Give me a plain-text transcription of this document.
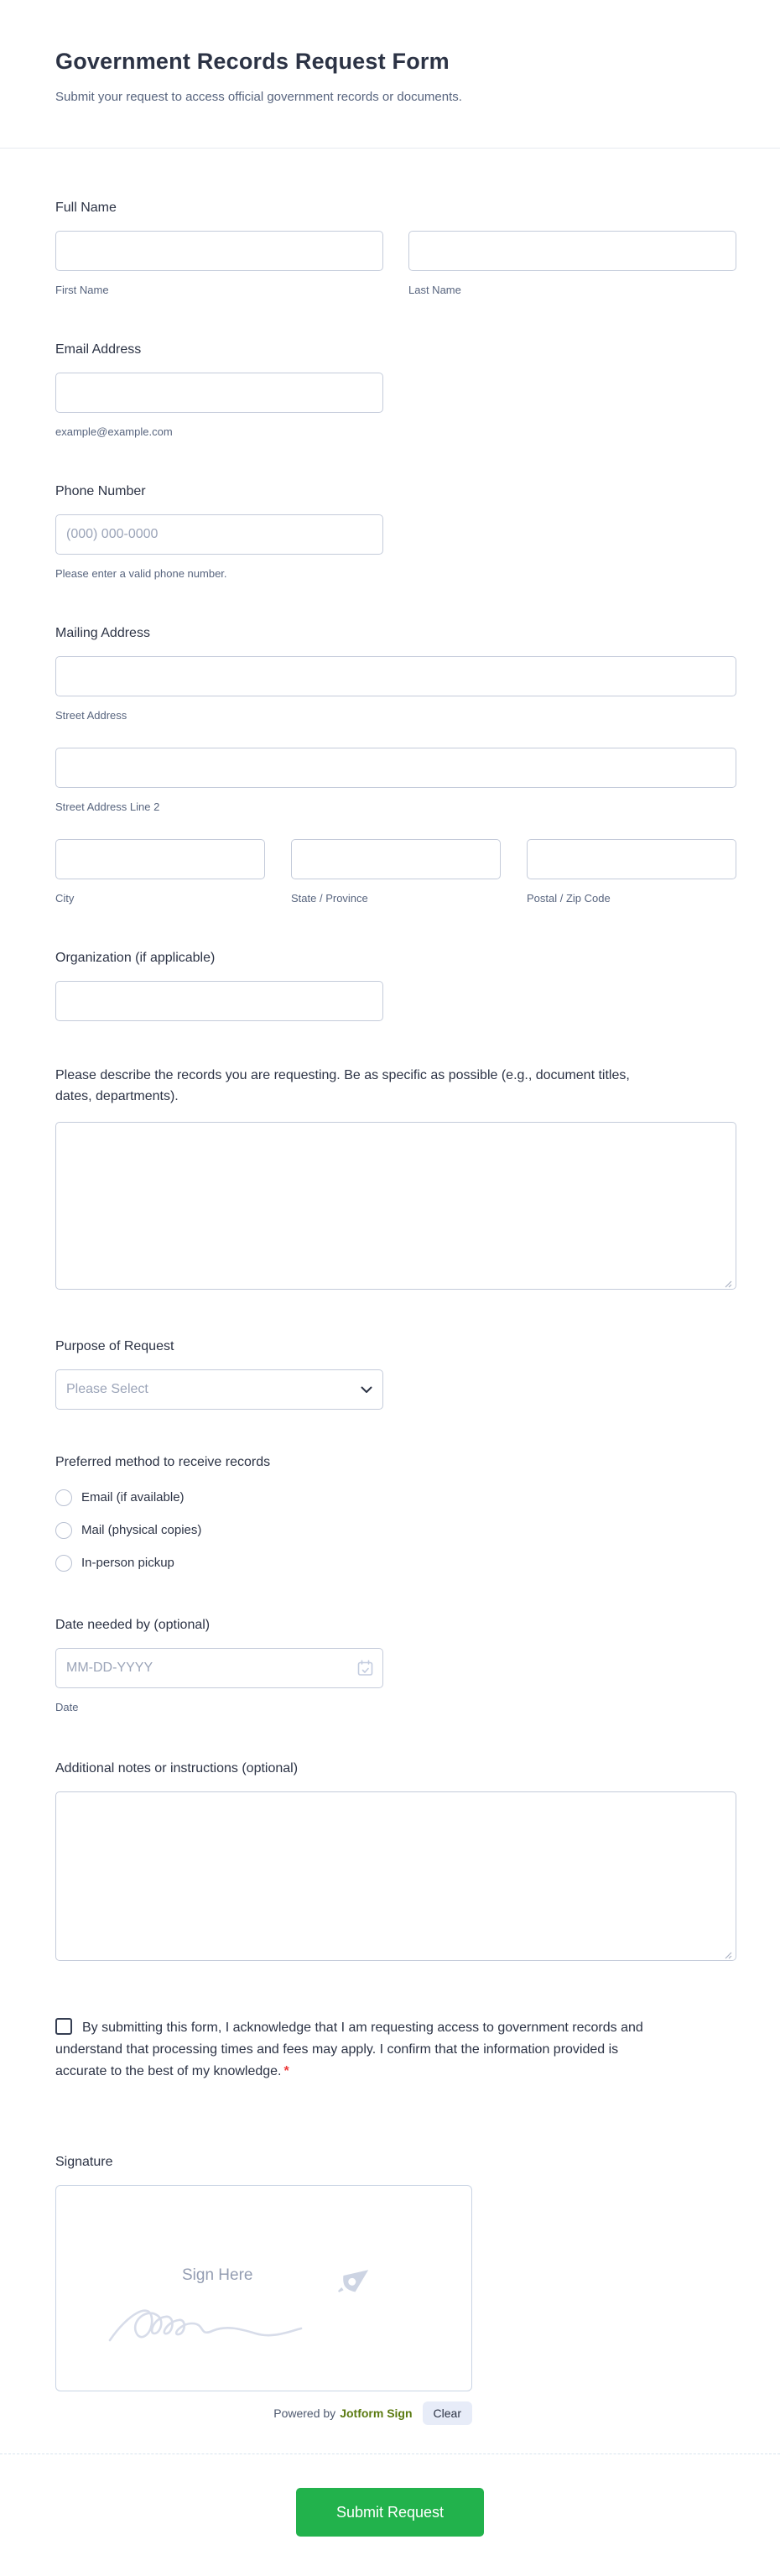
Government Records Request Form
Submit your request to access official government records or documents.
Full Name
First Name	Last Name
Email Address
example@example.com
Phone Number
(000) 000-0000
Please enter a valid phone number.
Mailing Address
Street Address
Street Address Line 2
City	State / Province	Postal / Zip Code
Organization (if applicable)
Please describe the records you are requesting. Be as specific as possible (e.g., document titles, dates, departments).
Purpose of Request
Please Select
Preferred method to receive records
Email (if available)
Mail (physical copies)
In-person pickup
Date needed by (optional)
MM-DD-YYYY
Date
Additional notes or instructions (optional)
By submitting this form, I acknowledge that I am requesting access to government records and understand that processing times and fees may apply. I confirm that the information provided is accurate to the best of my knowledge. *
Signature
Sign Here
Powered by Jotform Sign	Clear
Submit Request
